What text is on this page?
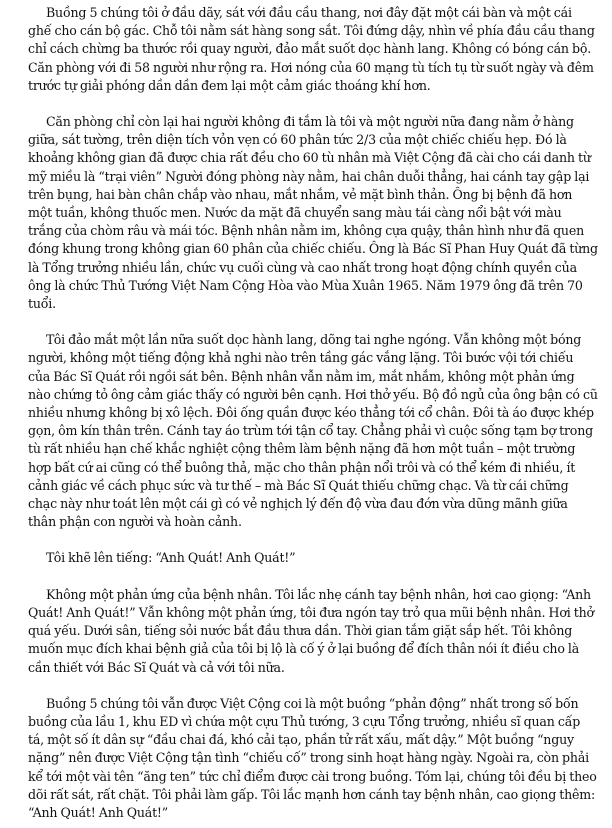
Buồng 5 chúng tôi ở đầu dãy, sát với đầu cầu thang, nơi đây đặt một cái bàn và một cái ghế cho cán bộ gác. Chỗ tôi nằm sát hàng song sắt. Tôi đứng dậy, nhìn về phía đầu cầu thang chỉ cách chừng ba thước rồi quay người, đảo mắt suốt dọc hành lang. Không có bóng cán bộ. Căn phòng với đi 58 người như rộng ra. Hơi nóng của 60 mạng tù tích tụ từ suốt ngày và đêm trước tự giải phóng dần dần đem lại một cảm giác thoáng khí hơn.

Căn phòng chỉ còn lại hai người không đi tắm là tôi và một người nữa đang nằm ở hàng giữa, sát tường, trên diện tích vỏn vẹn có 60 phân tức 2/3 của một chiếc chiếu hẹp. Đó là khoảng không gian đã được chia rất đều cho 60 tù nhân mà Việt Cộng đã cài cho cái danh từ mỹ miều là “trại viên” Người đóng phòng này nằm, hai chân duỗi thẳng, hai cánh tay gập lại trên bụng, hai bàn chân chắp vào nhau, mắt nhắm, vẻ mặt bình thản. Ông bị bệnh đã hơn một tuần, không thuốc men. Nước da mặt đã chuyển sang màu tái càng nổi bật với màu trắng của chòm râu và mái tóc. Bệnh nhân nằm im, không cựa quậy, thân hình như đã quen đóng khung trong không gian 60 phân của chiếc chiếu. Ông là Bác Sĩ Phan Huy Quát đã từng là Tổng trưởng nhiều lần, chức vụ cuối cùng và cao nhất trong hoạt động chính quyền của ông là chức Thủ Tướng Việt Nam Cộng Hòa vào Mùa Xuân 1965. Năm 1979 ông đã trên 70 tuổi.

Tôi đảo mắt một lần nữa suốt dọc hành lang, dõng tai nghe ngóng. Vẫn không một bóng người, không một tiếng động khả nghi nào trên tầng gác vắng lặng. Tôi bước vội tới chiếu của Bác Sĩ Quát rồi ngồi sát bên. Bệnh nhân vẫn nằm im, mắt nhắm, không một phản ứng nào chứng tỏ ông cảm giác thấy có người bên cạnh. Hơi thở yếu. Bộ đồ ngủ của ông bận có cũ nhiều nhưng không bị xô lệch. Đôi ống quần được kéo thẳng tới cổ chân. Đôi tà áo được khép gọn, ôm kín thân trên. Cánh tay áo trùm tới tận cổ tay. Chẳng phải vì cuộc sống tạm bợ trong tù rất nhiều hạn chế khắc nghiệt cộng thêm làm bệnh nặng đã hơn một tuần – một trường hợp bất cứ ai cũng có thể buông thả, mặc cho thân phận nổi trôi và có thể kém đi nhiều, ít cảnh giác về cách phục sức và tư thế – mà Bác Sĩ Quát thiếu chững chạc. Và từ cái chững chạc này như toát lên một cái gì có vẻ nghịch lý đến độ vừa đau đớn vừa dũng mãnh giữa thân phận con người và hoàn cảnh.

Tôi khẽ lên tiếng: “Anh Quát! Anh Quát!”

Không một phản ứng của bệnh nhân. Tôi lắc nhẹ cánh tay bệnh nhân, hơi cao giọng: “Anh Quát! Anh Quát!” Vẫn không một phản ứng, tôi đưa ngón tay trỏ qua mũi bệnh nhân. Hơi thở quá yếu. Dưới sân, tiếng sỏi nước bắt đầu thưa dần. Thời gian tắm giặt sắp hết. Tôi không muốn mục đích khai bệnh giả của tôi bị lộ là cố ý ở lại buồng để đích thân nói ít điều cho là cần thiết với Bác Sĩ Quát và cả với tôi nữa.

Buồng 5 chúng tôi vẫn được Việt Cộng coi là một buồng “phản động” nhất trong số bốn buồng của lầu 1, khu ED vì chứa một cựu Thủ tướng, 3 cựu Tổng trưởng, nhiều sĩ quan cấp tá, một số ít dân sự “đầu chai đá, khó cải tạo, phần tử rất xấu, mất dậy.” Một buồng “nguy nặng” nên được Việt Cộng tận tình “chiếu cố” trong sinh hoạt hàng ngày. Ngoài ra, còn phải kể tới một vài tên “ăng ten” tức chỉ điểm được cài trong buồng. Tóm lại, chúng tôi đều bị theo dõi rất sát, rất chặt. Tôi phải làm gấp. Tôi lắc mạnh hơn cánh tay bệnh nhân, cao giọng thêm: “Anh Quát! Anh Quát!”
